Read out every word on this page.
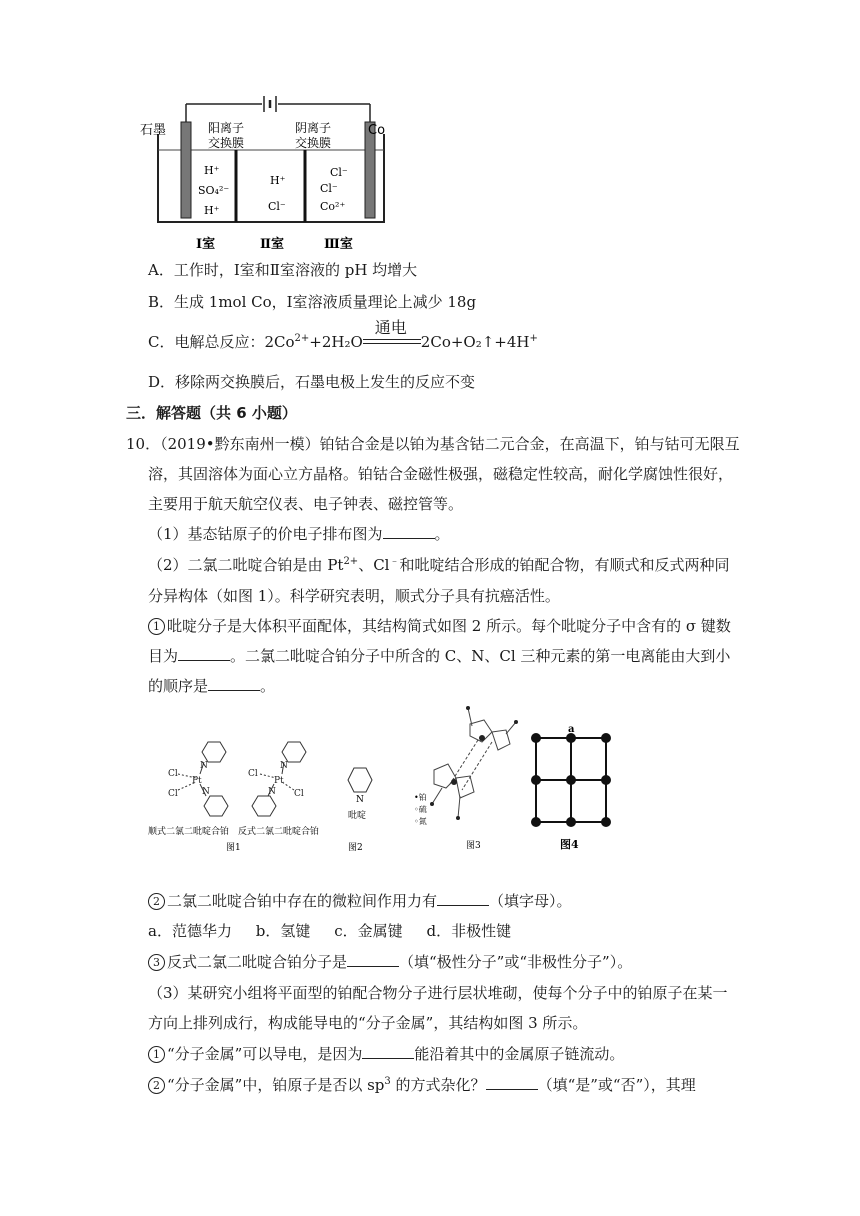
石墨	Co
阳离子
交换膜
阴离子
交换膜
H⁺
SO₄²⁻
H⁺
H⁺
Cl⁻
Cl⁻
Cl⁻
Co²⁺
Ⅰ室	Ⅱ室	Ⅲ室
A．工作时，Ⅰ室和Ⅱ室溶液的 pH 均增大
B．生成 1mol Co，Ⅰ室溶液质量理论上减少 18g
C．电解总反应：$2Co^{2+}+2H_2O$
通电
2Co+O₂↑+4H+
D．移除两交换膜后，石墨电极上发生的反应不变
三．解答题（共 6 小题）
10．（2019•黔东南州一模）铂钴合金是以铂为基含钴二元合金，在高温下，铂与钴可无限互
溶，其固溶体为面心立方晶格。铂钴合金磁性极强，磁稳定性较高，耐化学腐蚀性很好，
主要用于航天航空仪表、电子钟表、磁控管等。
（1）基态钴原子的价电子排布图为	。
（2）二氯二吡啶合铂是由 $Pt^{2+}$、Cl﹣和吡啶结合形成的铂配合物，有顺式和反式两种同
分异构体（如图 1）。科学研究表明，顺式分子具有抗癌活性。
1 吡啶分子是大体积平面配体，其结构简式如图 2 所示。每个吡啶分子中含有的 σ 键数
目为	。二氯二吡啶合铂分子中所含的 C、N、Cl 三种元素的第一电离能由大到小
的顺序是	。
Cl
Cl
Pt
N
N
Cl
Cl
Pt
N
N
顺式二氯二吡啶合铂 反式二氯二吡啶合铂
图1
N
吡啶
图2
•铂
◦硫
◦氮
图3
a
图4
2 二氯二吡啶合铂中存在的微粒间作用力有	（填字母）。
a．范德华力     b．氢键     c．金属键     d．非极性键
3 反式二氯二吡啶合铂分子是	（填“极性分子”或“非极性分子”）。
（3）某研究小组将平面型的铂配合物分子进行层状堆砌，使每个分子中的铂原子在某一
方向上排列成行，构成能导电的“分子金属”，其结构如图 3 所示。
1 “分子金属”可以导电，是因为	能沿着其中的金属原子链流动。
2 “分子金属”中，铂原子是否以 $sp^3$ 的方式杂化？	（填“是”或“否”），其理
